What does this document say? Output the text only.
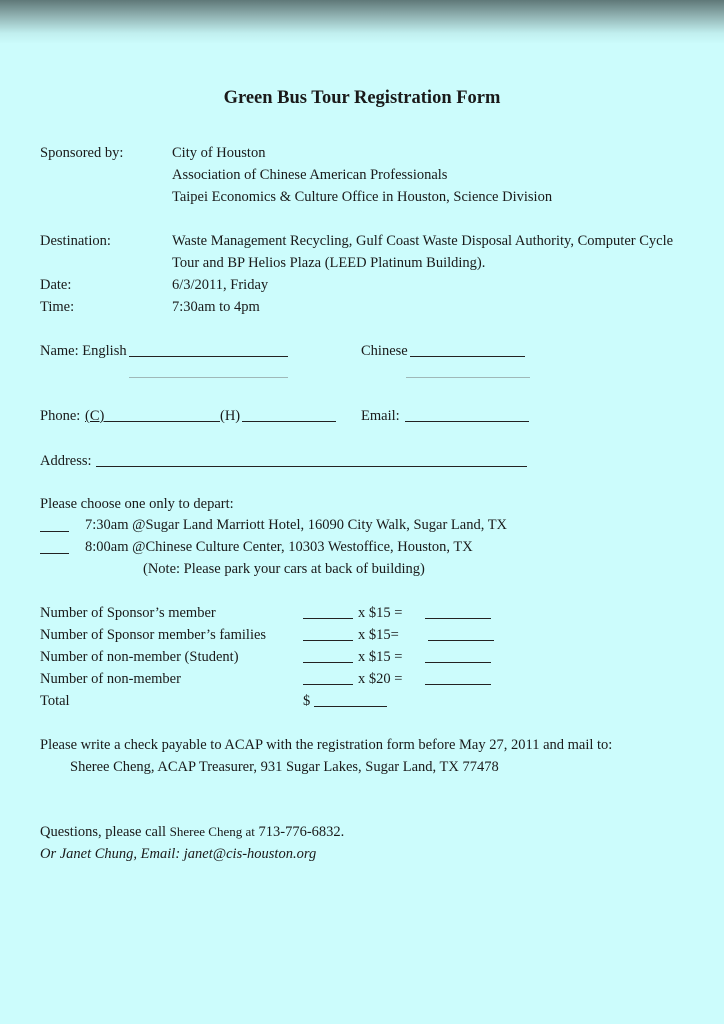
Green Bus Tour Registration Form
Sponsored by:	City of Houston
Association of Chinese American Professionals
Taipei Economics & Culture Office in Houston, Science Division
Destination:	Waste Management Recycling, Gulf Coast Waste Disposal Authority, Computer Cycle
Tour and BP Helios Plaza (LEED Platinum Building).
Date:	6/3/2011, Friday
Time:	7:30am to 4pm
Name: English	Chinese
Phone: (C)	(H)	Email:
Address:
Please choose one only to depart:
7:30am @Sugar Land Marriott Hotel, 16090 City Walk, Sugar Land, TX
8:00am @Chinese Culture Center, 10303 Westoffice, Houston, TX
(Note: Please park your cars at back of building)
Number of Sponsor’s member	x $15 =
Number of Sponsor member’s families	x $15=
Number of non-member (Student)	x $15 =
Number of non-member	x $20 =
Total	$
Please write a check payable to ACAP with the registration form before May 27, 2011 and mail to:
Sheree Cheng, ACAP Treasurer, 931 Sugar Lakes, Sugar Land, TX 77478
Questions, please call Sheree Cheng at 713-776-6832.
Or Janet Chung, Email: janet@cis-houston.org
